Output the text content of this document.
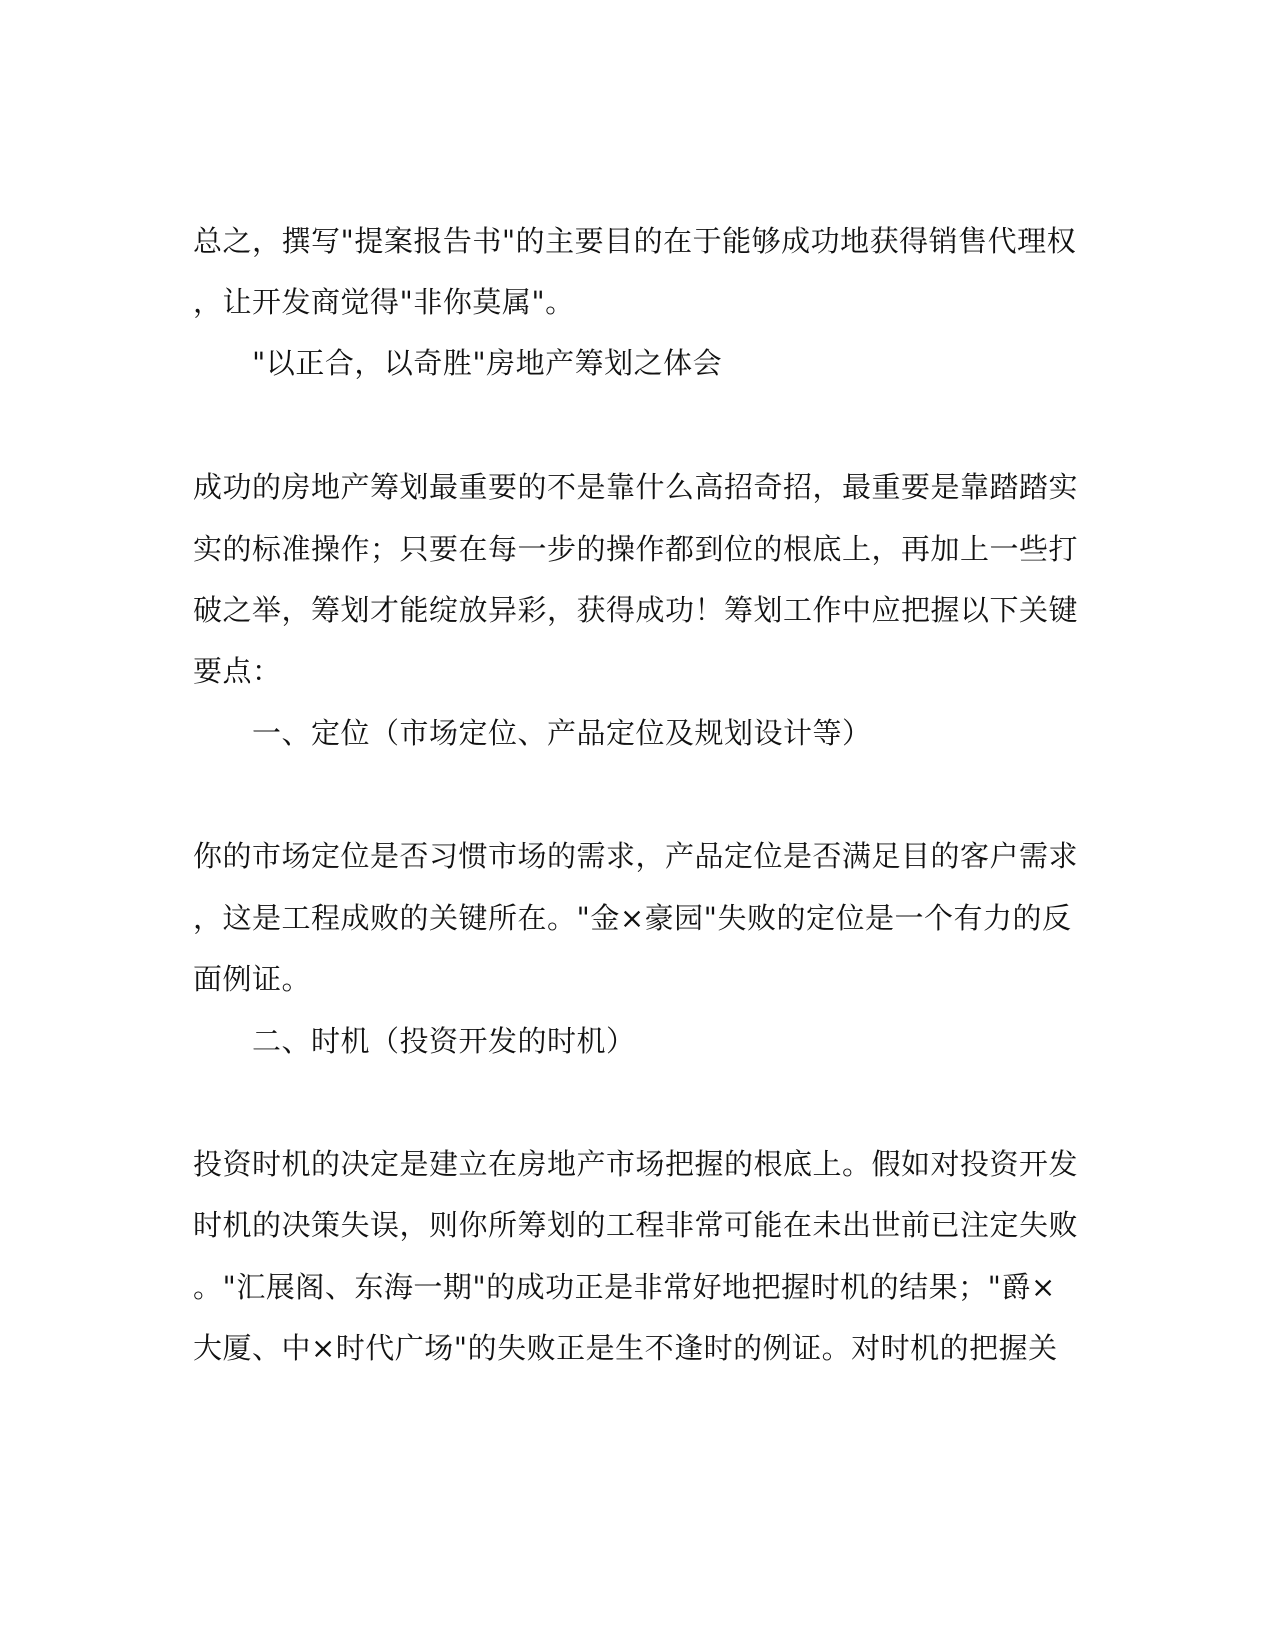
总之，撰写"提案报告书"的主要目的在于能够成功地获得销售代理权
，让开发商觉得"非你莫属"。
"以正合，以奇胜"房地产筹划之体会
成功的房地产筹划最重要的不是靠什么高招奇招，最重要是靠踏踏实
实的标准操作；只要在每一步的操作都到位的根底上，再加上一些打
破之举，筹划才能绽放异彩，获得成功！筹划工作中应把握以下关键
要点：
一、定位（市场定位、产品定位及规划设计等）
你的市场定位是否习惯市场的需求，产品定位是否满足目的客户需求
，这是工程成败的关键所在。"金×豪园"失败的定位是一个有力的反
面例证。
二、时机（投资开发的时机）
投资时机的决定是建立在房地产市场把握的根底上。假如对投资开发
时机的决策失误，则你所筹划的工程非常可能在未出世前已注定失败
。"汇展阁、东海一期"的成功正是非常好地把握时机的结果；"爵×
大厦、中×时代广场"的失败正是生不逢时的例证。对时机的把握关
